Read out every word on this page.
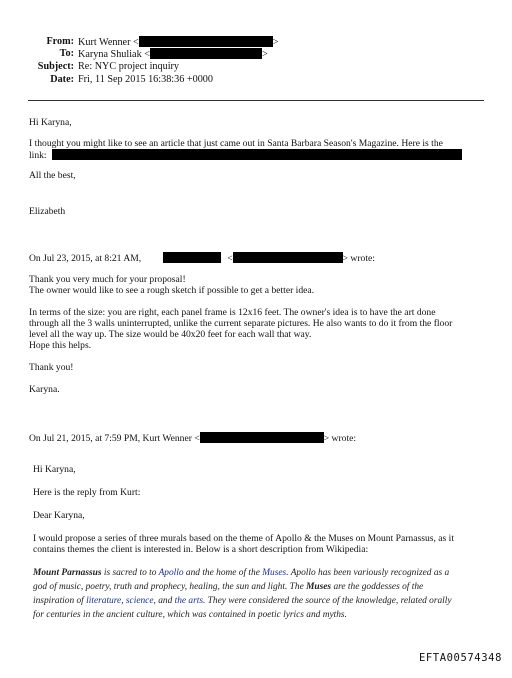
From: Kurt Wenner <	>
To: Karyna Shuliak <	>
Subject: Re: NYC project inquiry
Date: Fri, 11 Sep 2015 16:38:36 +0000
Hi Karyna,
I thought you might like to see an article that just came out in Santa Barbara Season's Magazine. Here is the
link:
All the best,
Elizabeth
On Jul 23, 2015, at 8:21 AM,	<	> wrote:
Thank you very much for your proposal!
The owner would like to see a rough sketch if possible to get a better idea.
In terms of the size: you are right, each panel frame is 12x16 feet. The owner's idea is to have the art done
through all the 3 walls uninterrupted, unlike the current separate pictures. He also wants to do it from the floor
level all the way up. The size would be 40x20 feet for each wall that way.
Hope this helps.
Thank you!
Karyna.
On Jul 21, 2015, at 7:59 PM, Kurt Wenner <	> wrote:
Hi Karyna,
Here is the reply from Kurt:
Dear Karyna,
I would propose a series of three murals based on the theme of Apollo & the Muses on Mount Parnassus, as it
contains themes the client is interested in. Below is a short description from Wikipedia:
Mount Parnassus is sacred to to Apollo and the home of the Muses. Apollo has been variously recognized as a
god of music, poetry, truth and prophecy, healing, the sun and light. The Muses are the goddesses of the
inspiration of literature, science, and the arts. They were considered the source of the knowledge, related orally
for centuries in the ancient culture, which was contained in poetic lyrics and myths.
EFTA00574348
